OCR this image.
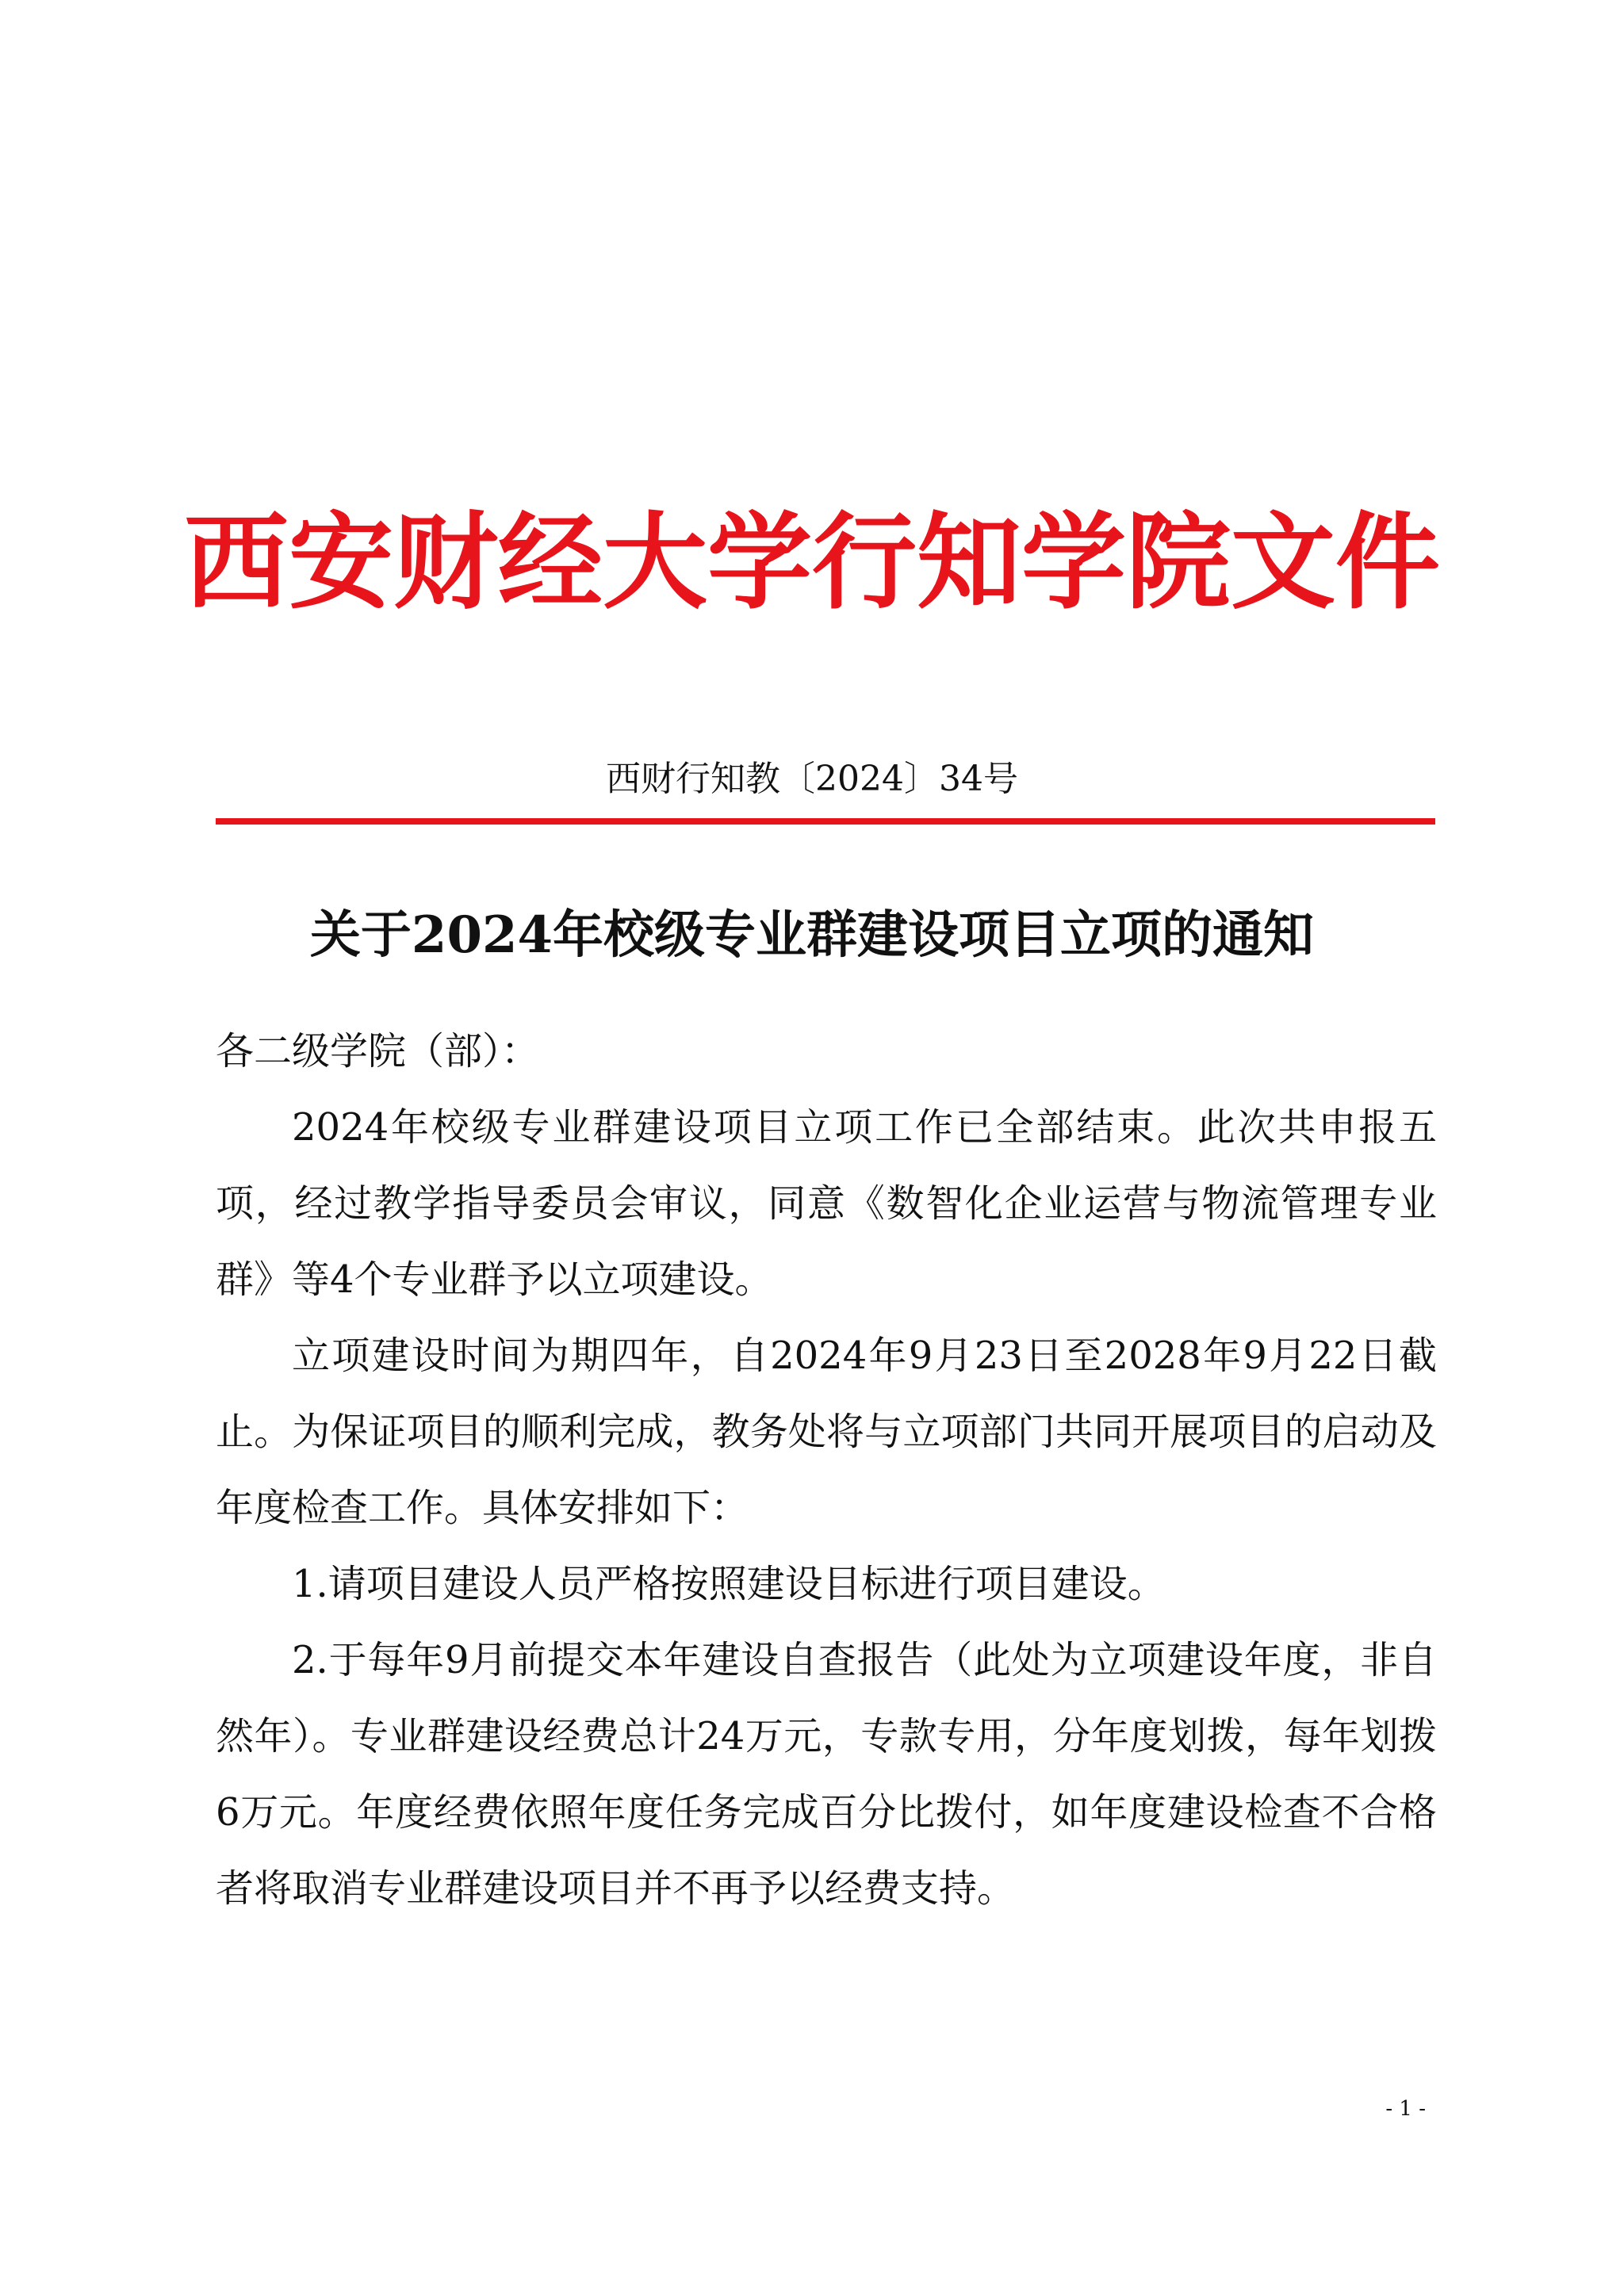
西安财经大学行知学院文件
西财行知教〔2024〕34号
关于2024年校级专业群建设项目立项的通知
各二级学院（部）：

2024年校级专业群建设项目立项工作已全部结束。此次共申报五项，经过教学指导委员会审议，同意《数智化企业运营与物流管理专业群》等4个专业群予以立项建设。

立项建设时间为期四年，自2024年9月23日至2028年9月22日截止。为保证项目的顺利完成，教务处将与立项部门共同开展项目的启动及年度检查工作。具体安排如下：

1.请项目建设人员严格按照建设目标进行项目建设。

2.于每年9月前提交本年建设自查报告（此处为立项建设年度，非自然年）。专业群建设经费总计24万元，专款专用，分年度划拨，每年划拨6万元。年度经费依照年度任务完成百分比拨付，如年度建设检查不合格者将取消专业群建设项目并不再予以经费支持。

- 1 -
